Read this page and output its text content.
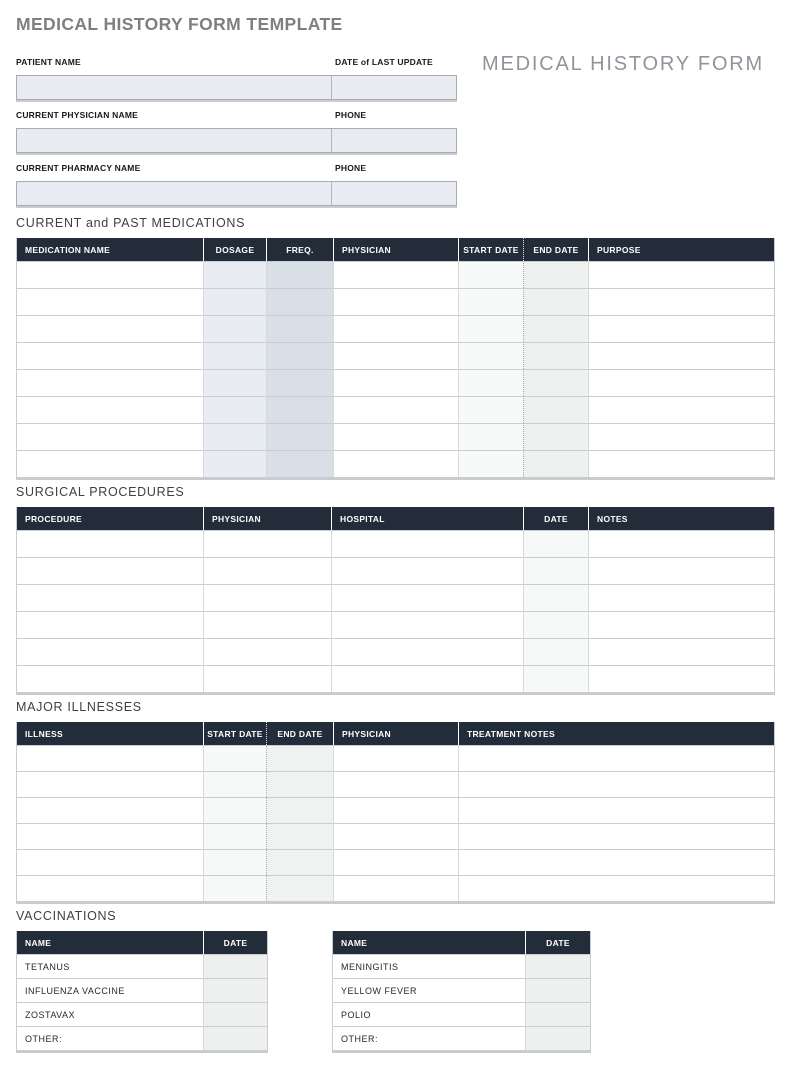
MEDICAL HISTORY FORM TEMPLATE
MEDICAL HISTORY FORM
PATIENT NAME	DATE of LAST UPDATE
CURRENT PHYSICIAN NAME	PHONE
CURRENT PHARMACY NAME	PHONE
CURRENT and PAST MEDICATIONS
MEDICATION NAME	DOSAGE	FREQ.	PHYSICIAN	START DATE	END DATE	PURPOSE

SURGICAL PROCEDURES
PROCEDURE	PHYSICIAN	HOSPITAL	DATE	NOTES

MAJOR ILLNESSES
ILLNESS	START DATE	END DATE	PHYSICIAN	TREATMENT NOTES

VACCINATIONS
NAME	DATE
TETANUS	
INFLUENZA VACCINE	
ZOSTAVAX	
OTHER:	
NAME	DATE
MENINGITIS	
YELLOW FEVER	
POLIO	
OTHER:	
